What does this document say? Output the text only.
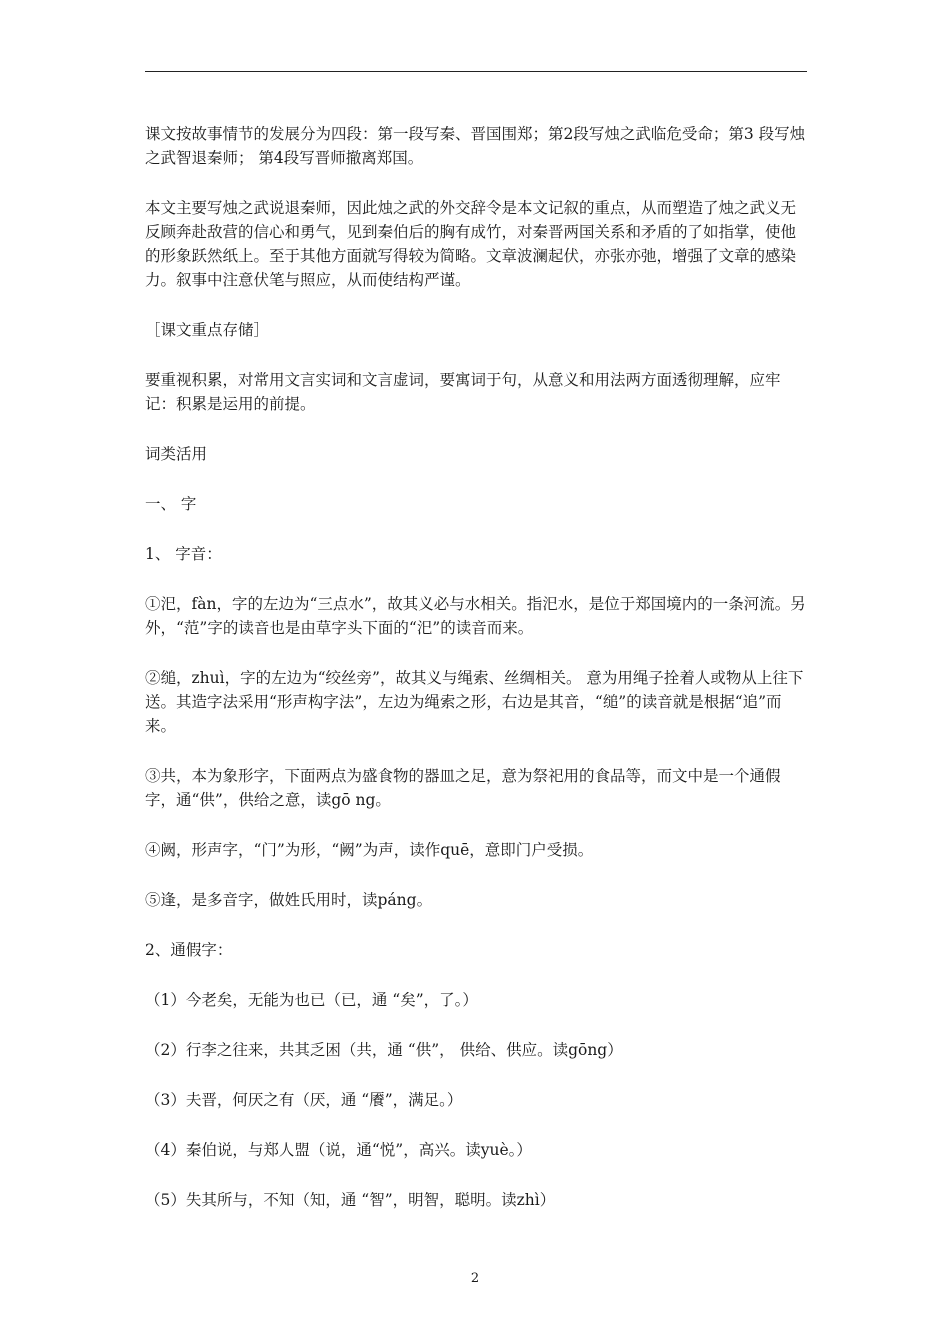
课文按故事情节的发展分为四段：第一段写秦、晋国围郑；第2段写烛之武临危受命；第3 段写烛之武智退秦师； 第4段写晋师撤离郑国。

本文主要写烛之武说退秦师，因此烛之武的外交辞令是本文记叙的重点，从而塑造了烛之武义无反顾奔赴敌营的信心和勇气，见到秦伯后的胸有成竹，对秦晋两国关系和矛盾的了如指掌，使他的形象跃然纸上。至于其他方面就写得较为简略。文章波澜起伏，亦张亦弛，增强了文章的感染力。叙事中注意伏笔与照应，从而使结构严谨。

［课文重点存储］

要重视积累，对常用文言实词和文言虚词，要寓词于句，从意义和用法两方面透彻理解，应牢记：积累是运用的前提。

词类活用

一、 字

1、 字音：

①汜，fàn，字的左边为“三点水”，故其义必与水相关。指汜水，是位于郑国境内的一条河流。另外，“范”字的读音也是由草字头下面的“汜”的读音而来。

②缒，zhuì，字的左边为“绞丝旁”，故其义与绳索、丝绸相关。 意为用绳子拴着人或物从上往下送。其造字法采用“形声构字法”，左边为绳索之形，右边是其音，“缒”的读音就是根据“追”而来。

③共，本为象形字，下面两点为盛食物的器皿之足，意为祭祀用的食品等，而文中是一个通假字，通“供”，供给之意，读gō ng。

④阙，形声字，“门”为形，“阙”为声，读作quē，意即门户受损。

⑤逢，是多音字，做姓氏用时，读páng。

2、通假字：

（1）今老矣，无能为也已（已，通 “矣”，了。）

（2）行李之往来，共其乏困（共，通 “供”， 供给、供应。读gōng）

（3）夫晋，何厌之有（厌，通 “餍”，满足。）

（4）秦伯说，与郑人盟（说，通“悦”，高兴。读yuè。）

（5）失其所与，不知（知，通 “智”，明智，聪明。读zhì）

2
